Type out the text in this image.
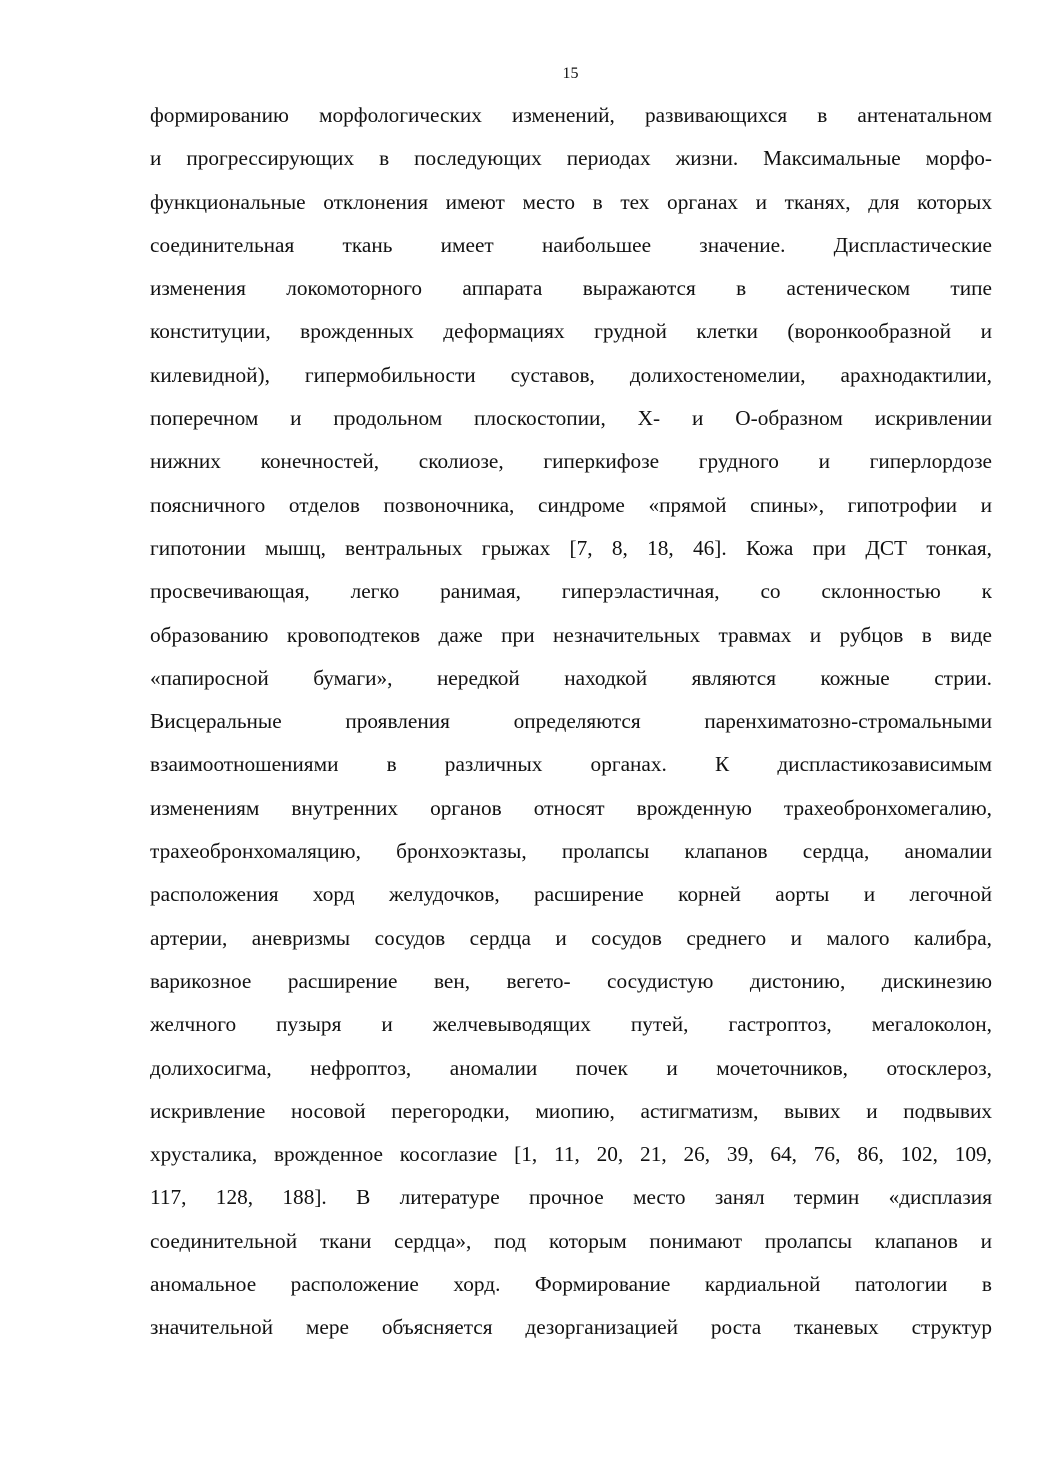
15
формированию морфологических изменений, развивающихся в антенатальном
и прогрессирующих в последующих периодах жизни. Максимальные морфо-
функциональные отклонения имеют место в тех органах и тканях, для которых
соединительная ткань имеет наибольшее значение. Диспластические
изменения локомоторного аппарата выражаются в астеническом типе
конституции, врожденных деформациях грудной клетки (воронкообразной и
килевидной), гипермобильности суставов, долихостеномелии, арахнодактилии,
поперечном и продольном плоскостопии, Х- и О-образном искривлении
нижних конечностей, сколиозе, гиперкифозе грудного и гиперлордозе
поясничного отделов позвоночника, синдроме «прямой спины», гипотрофии и
гипотонии мышц, вентральных грыжах [7, 8, 18, 46]. Кожа при ДСТ тонкая,
просвечивающая, легко ранимая, гиперэластичная, со склонностью к
образованию кровоподтеков даже при незначительных травмах и рубцов в виде
«папиросной бумаги», нередкой находкой являются кожные стрии.
Висцеральные проявления определяются паренхиматозно-стромальными
взаимоотношениями в различных органах. К диспластикозависимым
изменениям внутренних органов относят врожденную трахеобронхомегалию,
трахеобронхомаляцию, бронхоэктазы, пролапсы клапанов сердца, аномалии
расположения хорд желудочков, расширение корней аорты и легочной
артерии, аневризмы сосудов сердца и сосудов среднего и малого калибра,
варикозное расширение вен, вегето- сосудистую дистонию, дискинезию
желчного пузыря и желчевыводящих путей, гастроптоз, мегалоколон,
долихосигма, нефроптоз, аномалии почек и мочеточников, отосклероз,
искривление носовой перегородки, миопию, астигматизм, вывих и подвывих
хрусталика, врожденное косоглазие [1, 11, 20, 21, 26, 39, 64, 76, 86, 102, 109,
117, 128, 188]. В литературе прочное место занял термин «дисплазия
соединительной ткани сердца», под которым понимают пролапсы клапанов и
аномальное расположение хорд. Формирование кардиальной патологии в
значительной мере объясняется дезорганизацией роста тканевых структур
